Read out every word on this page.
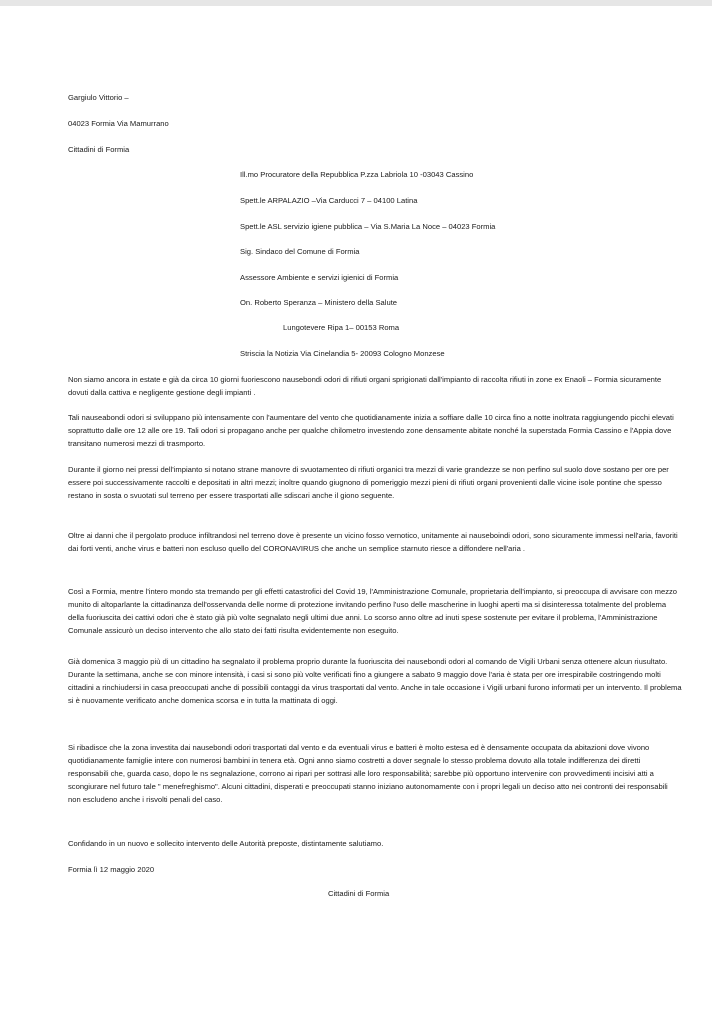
Gargiulo Vittorio –
04023 Formia Via Mamurrano
Cittadini di Formia
Ill.mo Procuratore della Repubblica P.zza Labriola 10 -03043 Cassino
Spett.le ARPALAZIO –Via Carducci 7 – 04100 Latina
Spett.le ASL servizio igiene pubblica – Via S.Maria La Noce – 04023 Formia
Sig. Sindaco del Comune di Formia
Assessore Ambiente e servizi igienici di Formia
On. Roberto Speranza – Ministero della Salute
Lungotevere Ripa 1– 00153 Roma
Striscia la Notizia Via Cinelandia 5- 20093 Cologno Monzese
Non siamo ancora in estate e già da circa 10 giorni fuoriescono nausebondi odori di rifiuti organi sprigionati dall'impianto di raccolta rifiuti in zone ex Enaoli – Formia sicuramente dovuti dalla cattiva e negligente gestione degli impianti .
Tali nauseabondi odori si sviluppano più intensamente con l'aumentare del vento che quotidianamente inizia a soffiare dalle 10 circa fino a notte inoltrata raggiungendo picchi elevati soprattutto dalle ore 12 alle ore 19. Tali odori si propagano anche per qualche chilometro investendo zone densamente abitate nonché la superstada Formia Cassino e l'Appia dove transitano numerosi mezzi di trasmporto.
Durante il giorno nei pressi dell'impianto si notano strane manovre di svuotamenteo di rifiuti organici tra mezzi di varie grandezze se non perfino sul suolo dove sostano per ore per essere poi successivamente raccolti e depositati in altri mezzi; inoltre quando giugnono di pomeriggio mezzi pieni di rifiuti organi provenienti dalle vicine isole pontine che spesso restano in sosta o svuotati sul terreno per essere trasportati alle sdiscari anche il giono seguente.
Oltre ai danni che il pergolato produce infiltrandosi nel terreno dove è presente un vicino fosso vernotico, unitamente ai nauseboindi odori, sono sicuramente immessi nell'aria, favoriti dai forti venti, anche virus e batteri non escluso quello del CORONAVIRUS che anche un semplice starnuto riesce a diffondere nell'aria .
Così a Formia, mentre l'intero mondo sta tremando per gli effetti catastrofici del Covid 19, l'Amministrazione Comunale, proprietaria dell'impianto, si preoccupa di avvisare con mezzo munito di altoparlante la cittadinanza dell'osservanda delle norme di protezione invitando perfino l'uso delle mascherine in luoghi aperti ma si disinteressa totalmente del problema della fuoriuscita dei cattivi odori che è stato già più volte segnalato negli ultimi due anni. Lo scorso anno oltre ad inuti spese sostenute per evitare il problema, l'Amministrazione Comunale assicurò un deciso intervento che allo stato dei fatti risulta evidentemente non eseguito.
Già domenica 3 maggio più di un cittadino ha segnalato il problema proprio durante la fuoriuscita dei nausebondi odori al comando de Vigili Urbani senza ottenere alcun riusultato. Durante la settimana, anche se con minore intensità, i casi si sono più volte verificati fino a giungere a sabato 9 maggio dove l'aria è stata per ore irrespirabile costringendo molti cittadini a rinchiudersi in casa preoccupati anche di possibili contaggi da virus trasportati dal vento. Anche in tale occasione i Vigili urbani furono informati per un intervento. Il problema si è nuovamente verificato anche domenica scorsa e in tutta la mattinata di oggi.
Si ribadisce che la zona investita dai nausebondi odori trasportati dal vento e da eventuali virus e batteri è molto estesa ed è densamente occupata da abitazioni dove vivono quotidianamente famiglie intere con numerosi bambini in tenera età. Ogni anno siamo costretti a dover segnale lo stesso problema dovuto alla totale indifferenza dei diretti responsabili che, guarda caso, dopo le ns segnalazione, corrono ai ripari per sottrasi alle loro responsabilità; sarebbe più opportuno intervenire con provvedimenti incisivi atti a scongiurare nel futuro tale " menefreghismo". Alcuni cittadini, disperati e preoccupati stanno iniziano autonomamente con i propri legali un deciso atto nei contronti dei responsabili non escludeno anche i risvolti penali del caso.
Confidando in un nuovo e sollecito intervento delle Autorità preposte, distintamente salutiamo.
Formia lì 12 maggio 2020
Cittadini di Formia
